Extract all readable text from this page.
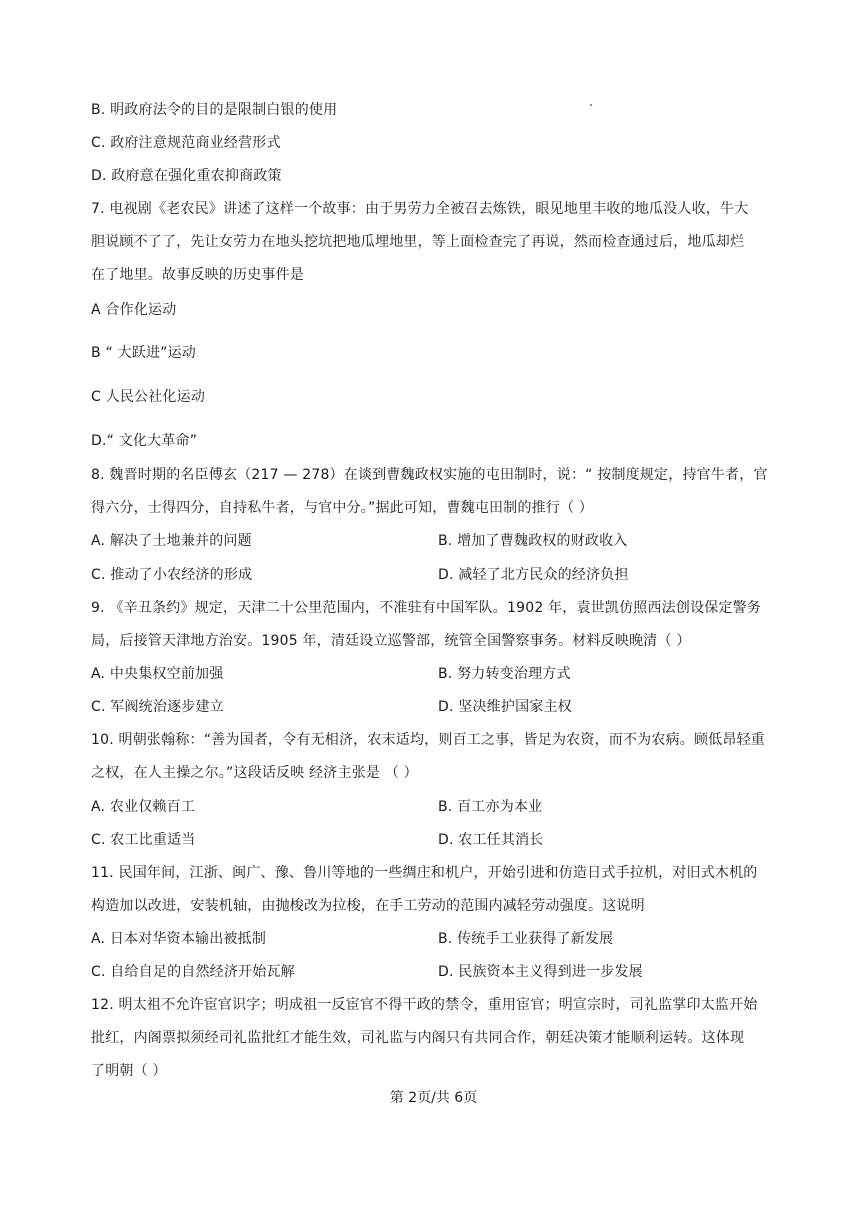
B. 明政府法令的目的是限制白银的使用
C. 政府注意规范商业经营形式
D. 政府意在强化重农抑商政策
7. 电视剧《老农民》讲述了这样一个故事：由于男劳力全被召去炼铁，眼见地里丰收的地瓜没人收，牛大
胆说顾不了了，先让女劳力在地头挖坑把地瓜埋地里，等上面检查完了再说，然而检查通过后，地瓜却烂
在了地里。故事反映的历史事件是
A 合作化运动
B “ 大跃进”运动
C 人民公社化运动
D.“ 文化大革命”
8. 魏晋时期的名臣傅玄（217 — 278）在谈到曹魏政权实施的屯田制时，说：“ 按制度规定，持官牛者，官
得六分，士得四分，自持私牛者，与官中分。”据此可知，曹魏屯田制的推行（ ）
A. 解决了土地兼并的问题	B. 增加了曹魏政权的财政收入
C. 推动了小农经济的形成	D. 减轻了北方民众的经济负担
9. 《辛丑条约》规定，天津二十公里范围内，不准驻有中国军队。1902 年，袁世凯仿照西法创设保定警务
局，后接管天津地方治安。1905 年，清廷设立巡警部，统管全国警察事务。材料反映晚清（ ）
A. 中央集权空前加强	B. 努力转变治理方式
C. 军阀统治逐步建立	D. 坚决维护国家主权
10. 明朝张翰称：“善为国者，令有无相济，农末适均，则百工之事，皆足为农资，而不为农病。顾低昂轻重
之权，在人主操之尔。”这段话反映 经济主张是 （ ）
A. 农业仅赖百工	B. 百工亦为本业
C. 农工比重适当	D. 农工任其消长
11. 民国年间，江浙、闽广、豫、鲁川等地的一些绸庄和机户，开始引进和仿造日式手拉机，对旧式木机的
构造加以改进，安装机轴，由抛梭改为拉梭，在手工劳动的范围内减轻劳动强度。这说明
A. 日本对华资本输出被抵制	B. 传统手工业获得了新发展
C. 自给自足的自然经济开始瓦解	D. 民族资本主义得到进一步发展
12. 明太祖不允许宦官识字；明成祖一反宦官不得干政的禁令，重用宦官；明宣宗时，司礼监掌印太监开始
批红，内阁票拟须经司礼监批红才能生效，司礼监与内阁只有共同合作，朝廷决策才能顺利运转。这体现
了明朝（ ）
第 2页/共 6页
